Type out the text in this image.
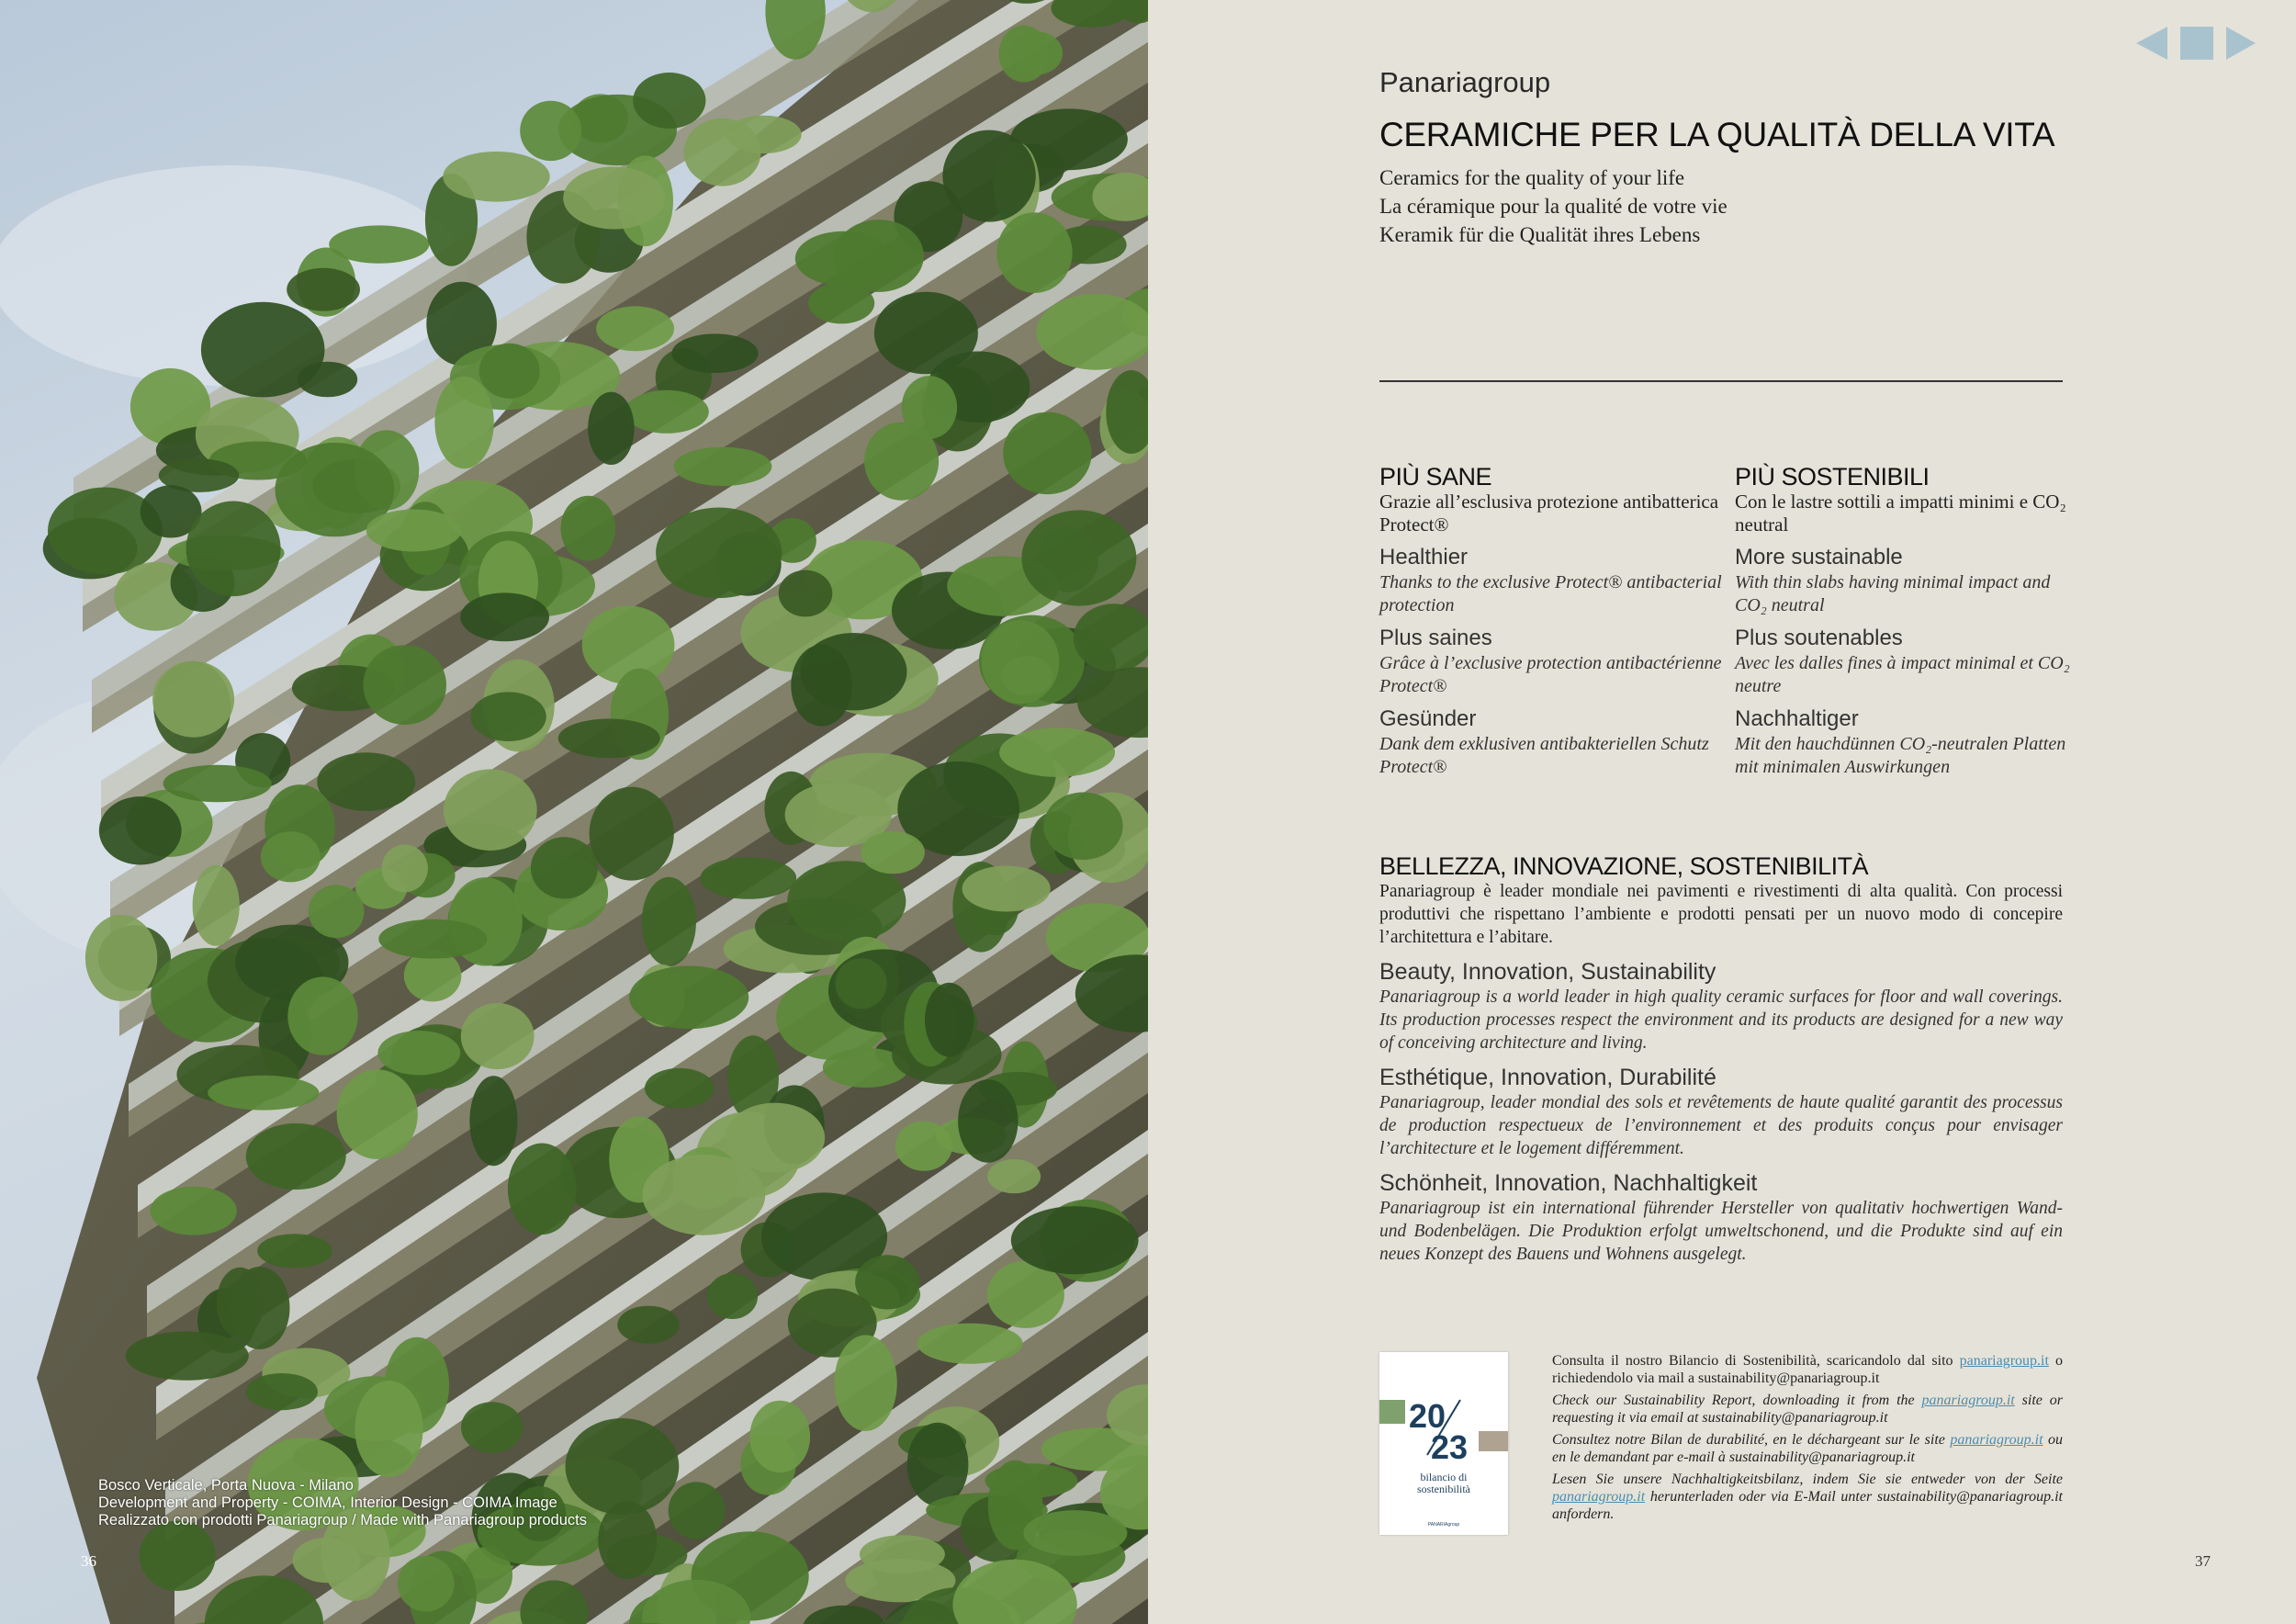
Bosco Verticale, Porta Nuova - Milano
Development and Property - COIMA, Interior Design - COIMA Image
Realizzato con prodotti Panariagroup / Made with Panariagroup products
36
Panariagroup
CERAMICHE PER LA QUALITÀ DELLA VITA
Ceramics for the quality of your life
La céramique pour la qualité de votre vie
Keramik für die Qualität ihres Lebens
PIÙ SANE
Grazie all’esclusiva protezione antibatterica Protect®
Healthier
Thanks to the exclusive Protect® antibacterial protection
Plus saines
Grâce à l’exclusive protection antibactérienne Protect®
Gesünder
Dank dem exklusiven antibakteriellen Schutz Protect®
PIÙ SOSTENIBILI
Con le lastre sottili a impatti minimi e CO₂ neutral
More sustainable
With thin slabs having minimal impact and CO₂ neutral
Plus soutenables
Avec les dalles fines à impact minimal et CO₂ neutre
Nachhaltiger
Mit den hauchdünnen CO₂-neutralen Platten mit minimalen Auswirkungen
BELLEZZA, INNOVAZIONE, SOSTENIBILITÀ
Panariagroup è leader mondiale nei pavimenti e rivestimenti di alta qualità. Con processi produttivi che rispettano l’ambiente e prodotti pensati per un nuovo modo di concepire l’architettura e l’abitare.
Beauty, Innovation, Sustainability
Panariagroup is a world leader in high quality ceramic surfaces for floor and wall coverings. Its production processes respect the environment and its products are designed for a new way of conceiving architecture and living.
Esthétique, Innovation, Durabilité
Panariagroup, leader mondial des sols et revêtements de haute qualité garantit des processus de production respectueux de l’environnement et des produits conçus pour envisager l’architecture et le logement différemment.
Schönheit, Innovation, Nachhaltigkeit
Panariagroup ist ein international führender Hersteller von qualitativ hochwertigen Wand- und Bodenbelägen. Die Produktion erfolgt umweltschonend, und die Produkte sind auf ein neues Konzept des Bauens und Wohnens ausgelegt.
20
23
bilancio di
sostenibilità
PANARIAgroup

Consulta il nostro Bilancio di Sostenibilità, scaricandolo dal sito panariagroup.it o richiedendolo via mail a sustainability@panariagroup.it

Check our Sustainability Report, downloading it from the panariagroup.it site or requesting it via email at sustainability@panariagroup.it

Consultez notre Bilan de durabilité, en le déchargeant sur le site panariagroup.it ou en le demandant par e-mail à sustainability@panariagroup.it

Lesen Sie unsere Nachhaltigkeitsbilanz, indem Sie sie entweder von der Seite panariagroup.it herunterladen oder via E-Mail unter sustainability@panariagroup.it anfordern.

37
